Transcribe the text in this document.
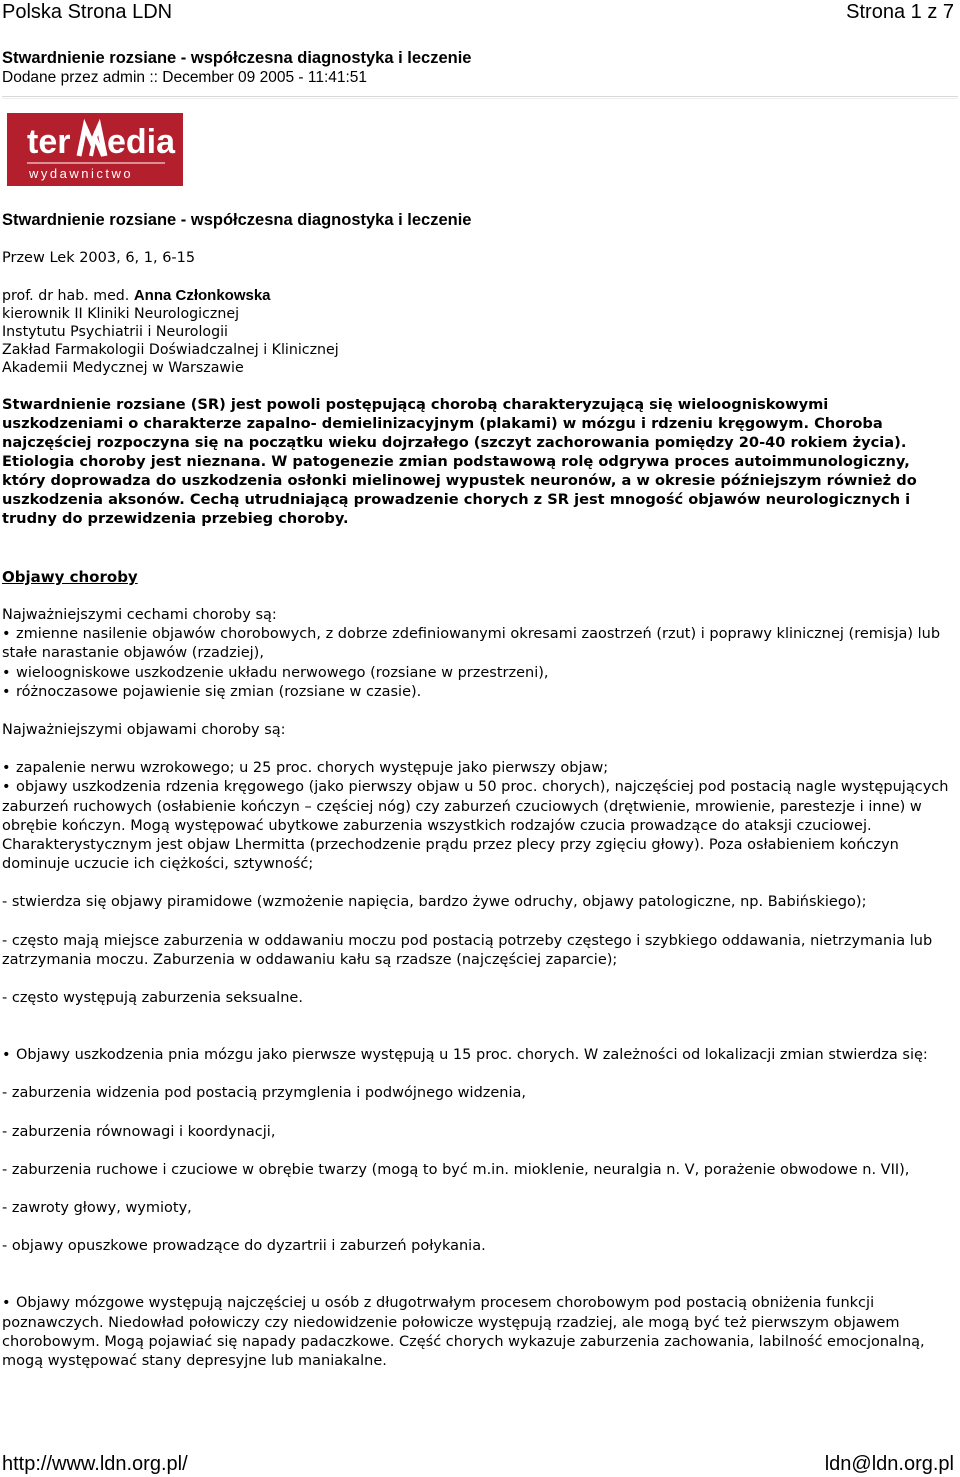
Polska Strona LDN	Strona 1 z 7
Stwardnienie rozsiane - współczesna diagnostyka i leczenie
Dodane przez admin :: December 09 2005 - 11:41:51
ter edia
wydawnictwo
Stwardnienie rozsiane - współczesna diagnostyka i leczenie
Przew Lek 2003, 6, 1, 6-15
prof. dr hab. med. Anna Członkowska
kierownik II Kliniki Neurologicznej
Instytutu Psychiatrii i Neurologii
Zakład Farmakologii Doświadczalnej i Klinicznej
Akademii Medycznej w Warszawie
Stwardnienie rozsiane (SR) jest powoli postępującą chorobą charakteryzującą się wieloogniskowymi uszkodzeniami o charakterze zapalno- demielinizacyjnym (plakami) w mózgu i rdzeniu kręgowym. Choroba najczęściej rozpoczyna się na początku wieku dojrzałego (szczyt zachorowania pomiędzy 20-40 rokiem życia). Etiologia choroby jest nieznana. W patogenezie zmian podstawową rolę odgrywa proces autoimmunologiczny, który doprowadza do uszkodzenia osłonki mielinowej wypustek neuronów, a w okresie późniejszym również do uszkodzenia aksonów. Cechą utrudniającą prowadzenie chorych z SR jest mnogość objawów neurologicznych i trudny do przewidzenia przebieg choroby.
Objawy choroby

Najważniejszymi cechami choroby są:

• zmienne nasilenie objawów chorobowych, z dobrze zdefiniowanymi okresami zaostrzeń (rzut) i poprawy klinicznej (remisja) lub stałe narastanie objawów (rzadziej),
• wieloogniskowe uszkodzenie układu nerwowego (rozsiane w przestrzeni),
• różnoczasowe pojawienie się zmian (rozsiane w czasie).

Najważniejszymi objawami choroby są:

• zapalenie nerwu wzrokowego; u 25 proc. chorych występuje jako pierwszy objaw;
• objawy uszkodzenia rdzenia kręgowego (jako pierwszy objaw u 50 proc. chorych), najczęściej pod postacią nagle występujących zaburzeń ruchowych (osłabienie kończyn – częściej nóg) czy zaburzeń czuciowych (drętwienie, mrowienie, parestezje i inne) w obrębie kończyn. Mogą występować ubytkowe zaburzenia wszystkich rodzajów czucia prowadzące do ataksji czuciowej. Charakterystycznym jest objaw Lhermitta (przechodzenie prądu przez plecy przy zgięciu głowy). Poza osłabieniem kończyn dominuje uczucie ich ciężkości, sztywność;

- stwierdza się objawy piramidowe (wzmożenie napięcia, bardzo żywe odruchy, objawy patologiczne, np. Babińskiego);

- często mają miejsce zaburzenia w oddawaniu moczu pod postacią potrzeby częstego i szybkiego oddawania, nietrzymania lub zatrzymania moczu. Zaburzenia w oddawaniu kału są rzadsze (najczęściej zaparcie);

- często występują zaburzenia seksualne.

• Objawy uszkodzenia pnia mózgu jako pierwsze występują u 15 proc. chorych. W zależności od lokalizacji zmian stwierdza się:

- zaburzenia widzenia pod postacią przymglenia i podwójnego widzenia,

- zaburzenia równowagi i koordynacji,

- zaburzenia ruchowe i czuciowe w obrębie twarzy (mogą to być m.in. mioklenie, neuralgia n. V, porażenie obwodowe n. VII),

- zawroty głowy, wymioty,

- objawy opuszkowe prowadzące do dyzartrii i zaburzeń połykania.

• Objawy mózgowe występują najczęściej u osób z długotrwałym procesem chorobowym pod postacią obniżenia funkcji poznawczych. Niedowład połowiczy czy niedowidzenie połowicze występują rzadziej, ale mogą być też pierwszym objawem chorobowym. Mogą pojawiać się napady padaczkowe. Część chorych wykazuje zaburzenia zachowania, labilność emocjonalną, mogą występować stany depresyjne lub maniakalne.
http://www.ldn.org.pl/	ldn@ldn.org.pl
